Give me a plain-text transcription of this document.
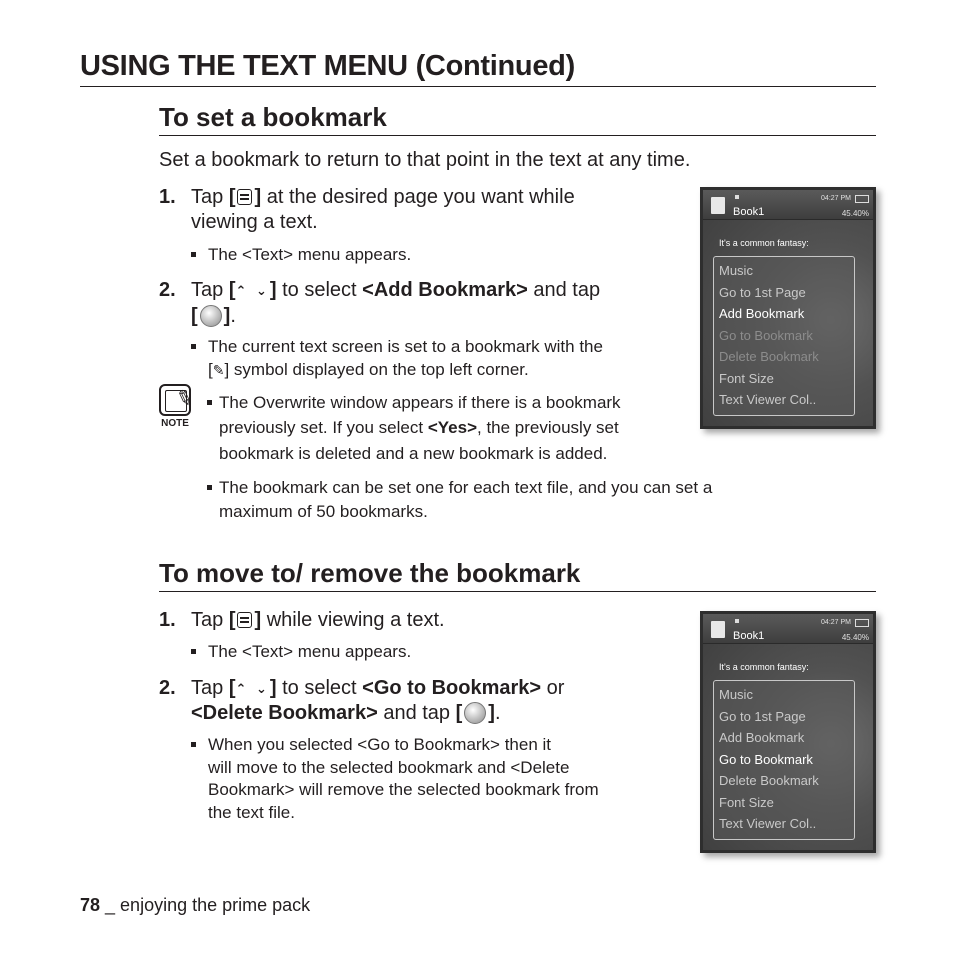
USING THE TEXT MENU (Continued)
To set a bookmark
Set a bookmark to return to that point in the text at any time.
1. Tap [ ] at the desired page you want while
viewing a text.
The <Text> menu appears.
2. Tap [⌃ ⌄] to select <Add Bookmark> and tap
[ ].
The current text screen is set to a bookmark with the
[✎] symbol displayed on the top left corner.
✎
NOTE
The Overwrite window appears if there is a bookmark
previously set. If you select <Yes>, the previously set
bookmark is deleted and a new bookmark is added.
The bookmark can be set one for each text file, and you can set a
maximum of 50 bookmarks.
Book1
04:27 PM
45.40%
It's a common fantasy:
Music
Go to 1st Page
Add Bookmark
Go to Bookmark
Delete Bookmark
Font Size
Text Viewer Col..
To move to/ remove the bookmark
1. Tap [ ] while viewing a text.
The <Text> menu appears.
2. Tap [⌃ ⌄] to select <Go to Bookmark> or
<Delete Bookmark> and tap [ ].
When you selected <Go to Bookmark> then it
will move to the selected bookmark and <Delete
Bookmark> will remove the selected bookmark from
the text file.
Book1
04:27 PM
45.40%
It's a common fantasy:
Music
Go to 1st Page
Add Bookmark
Go to Bookmark
Delete Bookmark
Font Size
Text Viewer Col..
78 _ enjoying the prime pack
